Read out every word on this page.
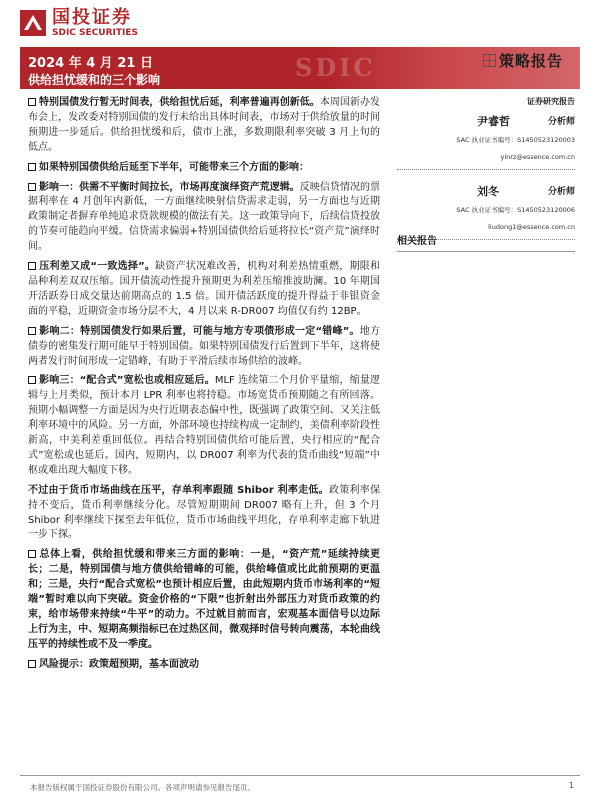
国投证券
SDIC SECURITIES
SDIC
2024 年 4 月 21 日
供给担忧缓和的三个影响
策略报告

特别国债发行暂无时间表，供给担忧后延，利率普遍再创新低。本周国新办发布会上，发改委对特别国债的发行未给出具体时间表，市场对于供给放量的时间预期进一步延后。供给担忧缓和后，债市上涨，多数期限利率突破 3 月上旬的低点。

如果特别国债供给后延至下半年，可能带来三个方面的影响：

影响一：供需不平衡时间拉长，市场再度演绎资产荒逻辑。反映信贷情况的票据利率在 4 月创年内新低，一方面继续映射信贷需求走弱，另一方面也与近期政策制定者摒弃单纯追求贷款规模的做法有关。这一政策导向下，后续信贷投放的节奏可能趋向平缓。信贷需求偏弱+特别国债供给后延将拉长“资产荒”演绎时间。

压利差又成“一致选择”。缺资产状况难改善，机构对利差热情重燃，期限和品种利差双双压缩。国开债流动性提升预期更为利差压缩推波助澜。10 年期国开活跃券日成交量达前期高点的 1.5 倍。国开债活跃度的提升得益于非银资金面的平稳，近期资金市场分层不大，4 月以来 R-DR007 均值仅有约 12BP。

影响二：特别国债发行如果后置，可能与地方专项债形成一定“错峰”。地方债券的密集发行期可能早于特别国债。如果特别国债发行后置到下半年，这将使两者发行时间形成一定错峰，有助于平滑后续市场供给的波峰。

影响三：“配合式”宽松也或相应延后。MLF 连续第二个月价平量缩，缩量逻辑与上月类似，预计本月 LPR 利率也将持稳。市场宽货币预期随之有所回落。预期小幅调整一方面是因为央行近期表态偏中性，既强调了政策空间、又关注低利率环境中的风险。另一方面，外部环境也持续构成一定制约，美债利率阶段性新高，中美利差重回低位。再结合特别国债供给可能后置，央行相应的“配合式”宽松或也延后。国内，短期内，以 DR007 利率为代表的货币曲线“短端”中枢或难出现大幅度下移。

不过由于货币市场曲线在压平，存单利率跟随 Shibor 利率走低。政策利率保持不变后，货币利率继续分化。尽管短期期间 DR007 略有上升，但 3 个月 Shibor 利率继续下探至去年低位，货币市场曲线平坦化，存单利率走廊下轨进一步下探。

总体上看，供给担忧缓和带来三方面的影响：一是，“资产荒”延续持续更长；二是，特别国债与地方债供给错峰的可能，供给峰值或比此前预期的更温和；三是，央行“配合式宽松”也预计相应后置，由此短期内货币市场利率的“短端”暂时难以向下突破。资金价格的“下限”也折射出外部压力对货币政策的约束，给市场带来持续“牛平”的动力。不过就目前而言，宏观基本面信号以边际上行为主，中、短期高频指标已在过热区间，微观择时信号转向震荡，本轮曲线压平的持续性或不及一季度。

风险提示：政策超预期，基本面波动

证券研究报告
尹睿哲	分析师
SAC 执业证书编号：S1450523120003
yinrz@essence.com.cn
刘冬	分析师
SAC 执业证书编号：S1450523120006
liudong1@essence.com.cn
相关报告
本报告版权属于国投证券股份有限公司。各项声明请参见报告尾页。	1
